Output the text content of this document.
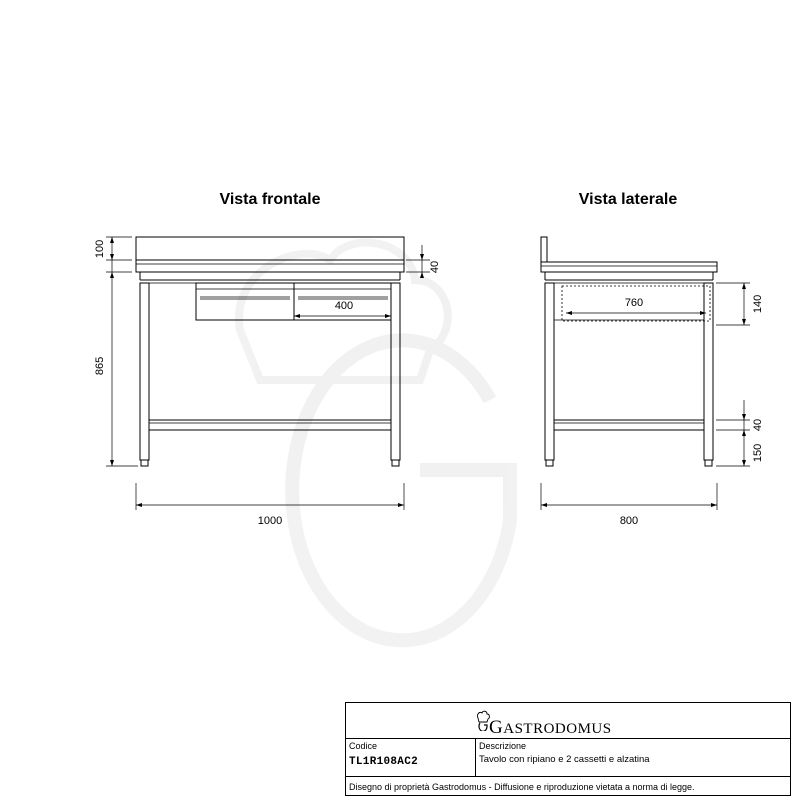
Vista frontale	Vista laterale
100
40
865
400
1000
760	140
40
150
800
GASTRODOMUS
Codice
TL1R108AC2
Descrizione
Tavolo con ripiano e 2 cassetti e alzatina
Disegno di proprietà Gastrodomus - Diffusione e riproduzione vietata a norma di legge.
